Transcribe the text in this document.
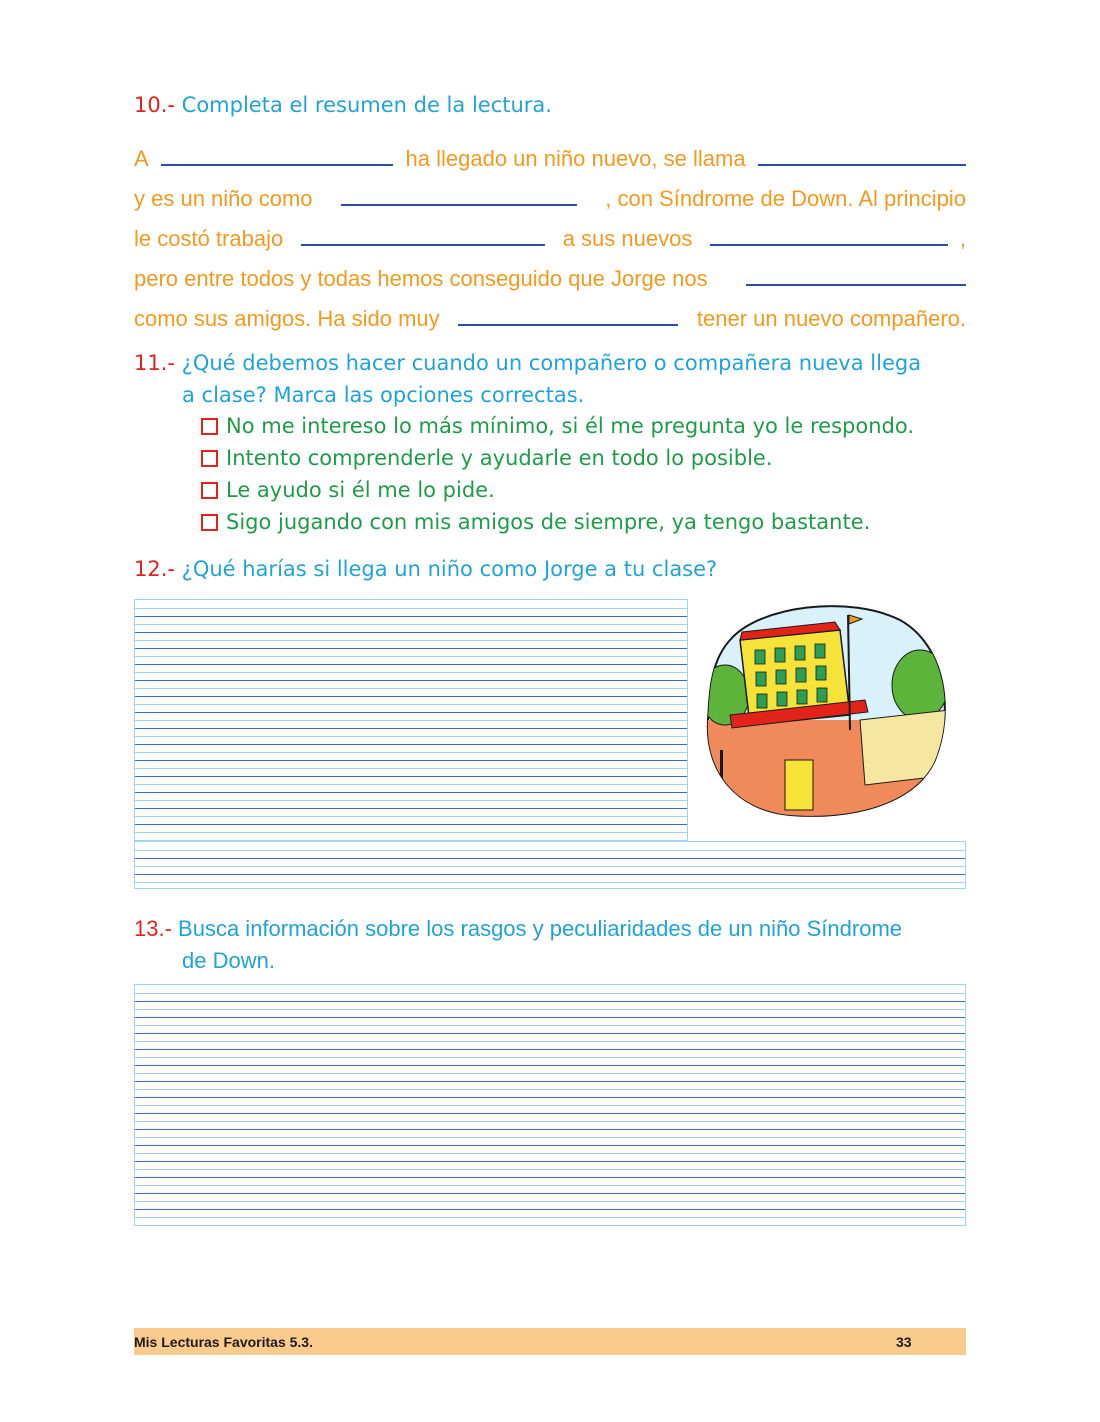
10.- Completa el resumen de la lectura.

A	ha llegado un niño nuevo, se llama
y es un niño como	, con Síndrome de Down. Al principio
le costó trabajo	a sus nuevos	,
pero entre todos y todas hemos conseguido que Jorge nos
como sus amigos. Ha sido muy	tener un nuevo compañero.

11.- ¿Qué debemos hacer cuando un compañero o compañera nueva llega
a clase? Marca las opciones correctas.

No me intereso lo más mínimo, si él me pregunta yo le respondo.
Intento comprenderle y ayudarle en todo lo posible.
Le ayudo si él me lo pide.
Sigo jugando con mis amigos de siempre, ya tengo bastante.

12.- ¿Qué harías si llega un niño como Jorge a tu clase?

13.- Busca información sobre los rasgos y peculiaridades de un niño Síndrome
de Down.

Mis Lecturas Favoritas 5.3.	33
